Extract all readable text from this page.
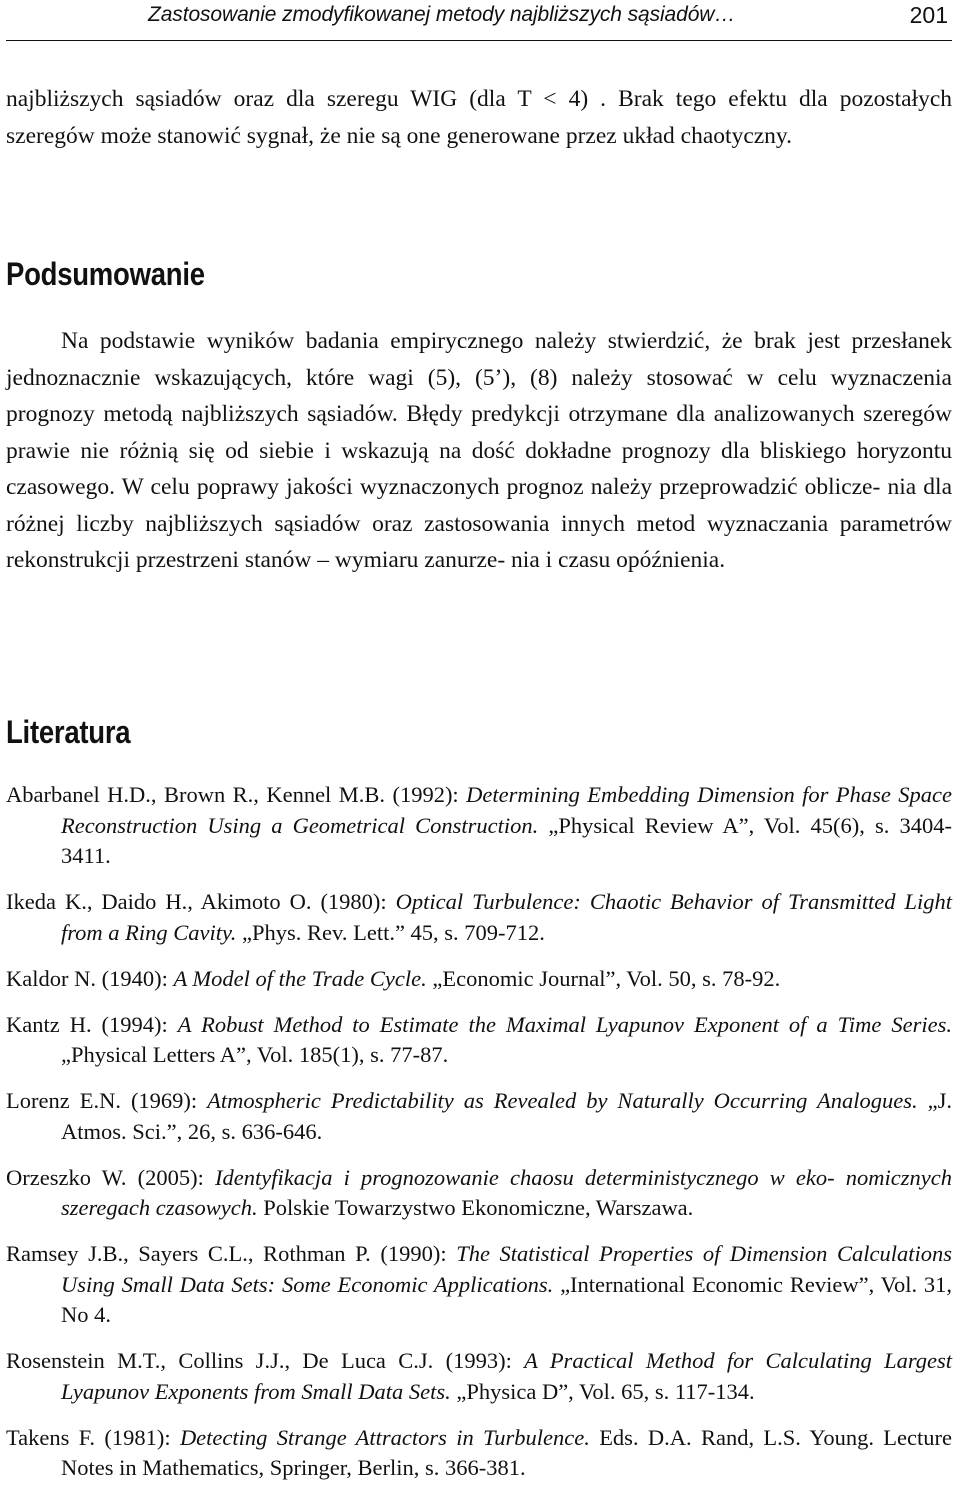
Zastosowanie zmodyfikowanej metody najbliższych sąsiadów…	201

najbliższych sąsiadów oraz dla szeregu WIG (dla T < 4) . Brak tego efektu dla pozostałych szeregów może stanowić sygnał, że nie są one generowane przez układ chaotyczny.

Podsumowanie

Na podstawie wyników badania empirycznego należy stwierdzić, że brak jest przesłanek jednoznacznie wskazujących, które wagi (5), (5’), (8) należy stosować w celu wyznaczenia prognozy metodą najbliższych sąsiadów. Błędy predykcji otrzymane dla analizowanych szeregów prawie nie różnią się od siebie i wskazują na dość dokładne prognozy dla bliskiego horyzontu czasowego. W celu poprawy jakości wyznaczonych prognoz należy przeprowadzić oblicze- nia dla różnej liczby najbliższych sąsiadów oraz zastosowania innych metod wyznaczania parametrów rekonstrukcji przestrzeni stanów – wymiaru zanurze- nia i czasu opóźnienia.

Literatura
Abarbanel H.D., Brown R., Kennel M.B. (1992): Determining Embedding Dimension for Phase Space Reconstruction Using a Geometrical Construction. „Physical Review A”, Vol. 45(6), s. 3404-3411.
Ikeda K., Daido H., Akimoto O. (1980): Optical Turbulence: Chaotic Behavior of Transmitted Light from a Ring Cavity. „Phys. Rev. Lett.” 45, s. 709-712.
Kaldor N. (1940): A Model of the Trade Cycle. „Economic Journal”, Vol. 50, s. 78-92.
Kantz H. (1994): A Robust Method to Estimate the Maximal Lyapunov Exponent of a Time Series. „Physical Letters A”, Vol. 185(1), s. 77-87.
Lorenz E.N. (1969): Atmospheric Predictability as Revealed by Naturally Occurring Analogues. „J. Atmos. Sci.”, 26, s. 636-646.
Orzeszko W. (2005): Identyfikacja i prognozowanie chaosu deterministycznego w eko- nomicznych szeregach czasowych. Polskie Towarzystwo Ekonomiczne, Warszawa.
Ramsey J.B., Sayers C.L., Rothman P. (1990): The Statistical Properties of Dimension Calculations Using Small Data Sets: Some Economic Applications. „International Economic Review”, Vol. 31, No 4.
Rosenstein M.T., Collins J.J., De Luca C.J. (1993): A Practical Method for Calculating Largest Lyapunov Exponents from Small Data Sets. „Physica D”, Vol. 65, s. 117-134.
Takens F. (1981): Detecting Strange Attractors in Turbulence. Eds. D.A. Rand, L.S. Young. Lecture Notes in Mathematics, Springer, Berlin, s. 366-381.
